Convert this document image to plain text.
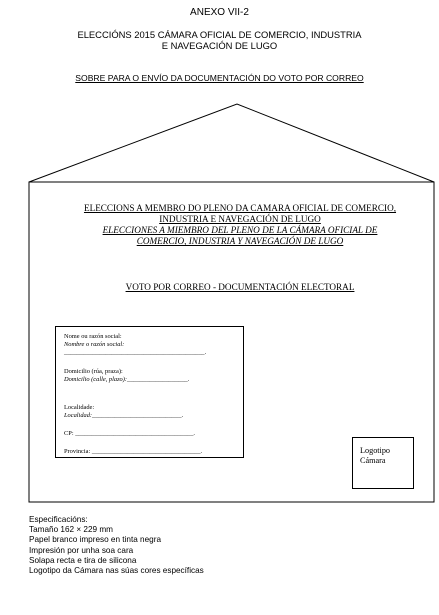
ANEXO VII-2
ELECCIÓNS 2015 CÁMARA OFICIAL DE COMERCIO, INDUSTRIA
E NAVEGACIÓN DE LUGO
SOBRE PARA O ENVÍO DA DOCUMENTACIÓN DO VOTO POR CORREO
ELECCIONS A MEMBRO DO PLENO DA CAMARA OFICIAL DE COMERCIO,
INDUSTRIA E NAVEGACIÓN DE LUGO
ELECCIONES A MIEMBRO DEL PLENO DE LA CÁMARA OFICIAL DE
COMERCIO, INDUSTRIA Y NAVEGACIÓN DE LUGO
VOTO POR CORREO - DOCUMENTACIÓN ELECTORAL
Nome ou razón social:
Nombre o razón social:
____________________________________________.
Domicilio (rúa, praza):
Domicilio (calle, plazo):___________________.
Localidade:
Localidad:____________________________.
CP: _____________________________________.
Provincia: __________________________________.	Logotipo
Cámara
Especificacións:
Tamaño 162 × 229 mm
Papel branco impreso en tinta negra
Impresión por unha soa cara
Solapa recta e tira de silicona
Logotipo da Cámara nas súas cores específicas
